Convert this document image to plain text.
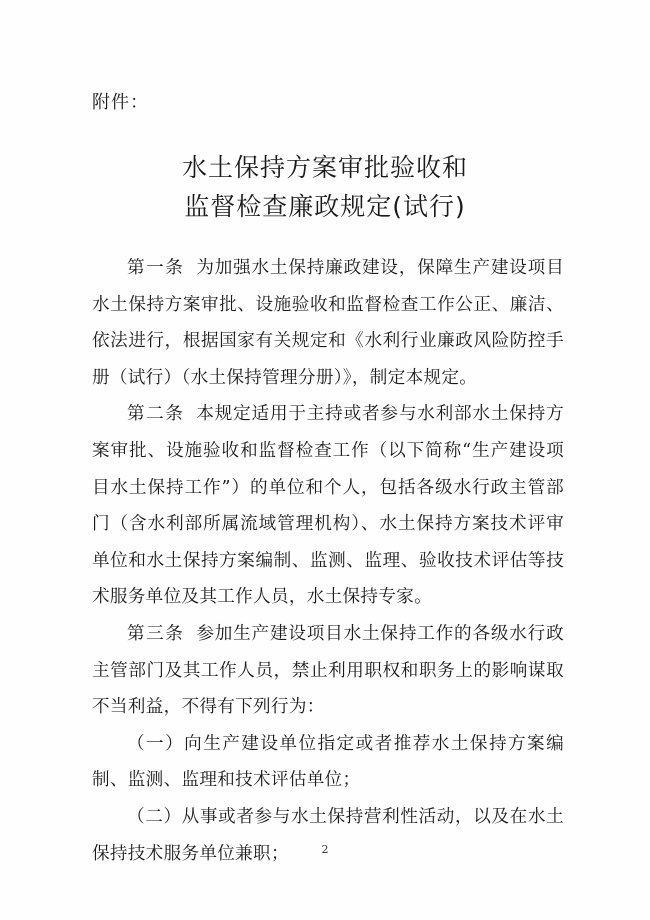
附件：
水土保持方案审批验收和
监督检查廉政规定(试行)

第一条 为加强水土保持廉政建设，保障生产建设项目水土保持方案审批、设施验收和监督检查工作公正、廉洁、依法进行，根据国家有关规定和《水利行业廉政风险防控手册（试行）（水土保持管理分册）》，制定本规定。

第二条 本规定适用于主持或者参与水利部水土保持方案审批、设施验收和监督检查工作（以下简称“生产建设项目水土保持工作”）的单位和个人，包括各级水行政主管部门（含水利部所属流域管理机构）、水土保持方案技术评审单位和水土保持方案编制、监测、监理、验收技术评估等技术服务单位及其工作人员，水土保持专家。

第三条 参加生产建设项目水土保持工作的各级水行政主管部门及其工作人员，禁止利用职权和职务上的影响谋取不当利益，不得有下列行为：

（一）向生产建设单位指定或者推荐水土保持方案编制、监测、监理和技术评估单位；

（二）从事或者参与水土保持营利性活动，以及在水土保持技术服务单位兼职；	2
